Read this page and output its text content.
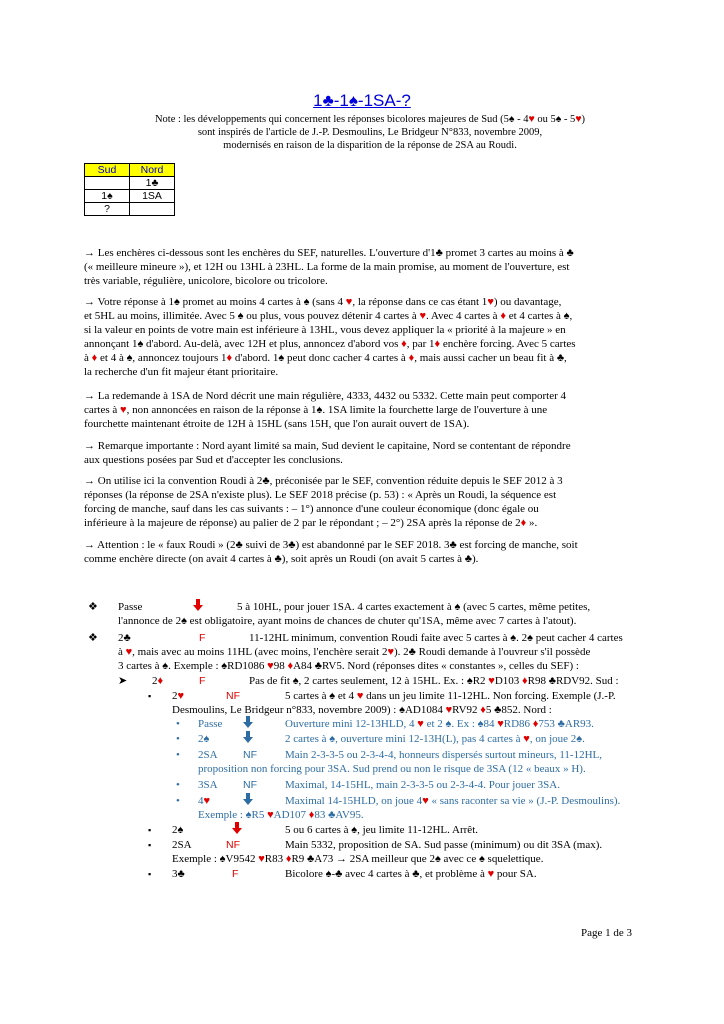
1♣-1♠-1SA-?
Note : les développements qui concernent les réponses bicolores majeures de Sud (5♠ - 4♥ ou 5♠ - 5♥)
sont inspirés de l'article de J.-P. Desmoulins, Le Bridgeur N°833, novembre 2009,
modernisés en raison de la disparition de la réponse de 2SA au Roudi.
Sud	Nord
	1♣
1♠	1SA
?	
→ Les enchères ci-dessous sont les enchères du SEF, naturelles. L'ouverture d'1♣ promet 3 cartes au moins à ♣
(« meilleure mineure »), et 12H ou 13HL à 23HL. La forme de la main promise, au moment de l'ouverture, est
très variable, régulière, unicolore, bicolore ou tricolore.
→ Votre réponse à 1♠ promet au moins 4 cartes à ♠ (sans 4 ♥, la réponse dans ce cas étant 1♥) ou davantage,
et 5HL au moins, illimitée. Avec 5 ♠ ou plus, vous pouvez détenir 4 cartes à ♥. Avec 4 cartes à ♦ et 4 cartes à ♠,
si la valeur en points de votre main est inférieure à 13HL, vous devez appliquer la « priorité à la majeure » en
annonçant 1♠ d'abord. Au-delà, avec 12H et plus, annoncez d'abord vos ♦, par 1♦ enchère forcing. Avec 5 cartes
à ♦ et 4 à ♠, annoncez toujours 1♦ d'abord. 1♠ peut donc cacher 4 cartes à ♦, mais aussi cacher un beau fit à ♣,
la recherche d'un fit majeur étant prioritaire.
→ La redemande à 1SA de Nord décrit une main régulière, 4333, 4432 ou 5332. Cette main peut comporter 4
cartes à ♥, non annoncées en raison de la réponse à 1♠. 1SA limite la fourchette large de l'ouverture à une
fourchette maintenant étroite de 12H à 15HL (sans 15H, que l'on aurait ouvert de 1SA).
→ Remarque importante : Nord ayant limité sa main, Sud devient le capitaine, Nord se contentant de répondre
aux questions posées par Sud et d'accepter les conclusions.
→ On utilise ici la convention Roudi à 2♣, préconisée par le SEF, convention réduite depuis le SEF 2012 à 3
réponses (la réponse de 2SA n'existe plus). Le SEF 2018 précise (p. 53) : « Après un Roudi, la séquence est
forcing de manche, sauf dans les cas suivants : – 1°) annonce d'une couleur économique (donc égale ou
inférieure à la majeure de réponse) au palier de 2 par le répondant ; – 2°) 2SA après la réponse de 2♦ ».
→ Attention : le « faux Roudi » (2♣ suivi de 3♣) est abandonné par le SEF 2018. 3♣ est forcing de manche, soit
comme enchère directe (on avait 4 cartes à ♣), soit après un Roudi (on avait 5 cartes à ♣).
❖ Passe	5 à 10HL, pour jouer 1SA. 4 cartes exactement à ♠ (avec 5 cartes, même petites,
l'annonce de 2♠ est obligatoire, ayant moins de chances de chuter qu'1SA, même avec 7 cartes à l'atout).
❖ 2♣	F	11-12HL minimum, convention Roudi faite avec 5 cartes à ♠. 2♠ peut cacher 4 cartes
à ♥, mais avec au moins 11HL (avec moins, l'enchère serait 2♥). 2♣ Roudi demande à l'ouvreur s'il possède
3 cartes à ♠. Exemple : ♠RD1086 ♥98 ♦A84 ♣RV5. Nord (réponses dites « constantes », celles du SEF) :
➤ 2♦	F	Pas de fit ♠, 2 cartes seulement, 12 à 15HL. Ex. : ♠R2 ♥D103 ♦R98 ♣RDV92. Sud :
▪ 2♥	NF	5 cartes à ♠ et 4 ♥ dans un jeu limite 11-12HL. Non forcing. Exemple (J.-P.
Desmoulins, Le Bridgeur n°833, novembre 2009) : ♠AD1084 ♥RV92 ♦5 ♣852. Nord :
• Passe	Ouverture mini 12-13HLD, 4 ♥ et 2 ♠. Ex : ♠84 ♥RD86 ♦753 ♣AR93.
• 2♠	2 cartes à ♠, ouverture mini 12-13H(L), pas 4 cartes à ♥, on joue 2♠.
• 2SA NF	Main 2-3-3-5 ou 2-3-4-4, honneurs dispersés surtout mineurs, 11-12HL,
proposition non forcing pour 3SA. Sud prend ou non le risque de 3SA (12 « beaux » H).
• 3SA NF	Maximal, 14-15HL, main 2-3-3-5 ou 2-3-4-4. Pour jouer 3SA.
• 4♥	Maximal 14-15HLD, on joue 4♥ « sans raconter sa vie » (J.-P. Desmoulins).
Exemple : ♠R5 ♥AD107 ♦83 ♣AV95.
▪ 2♠	5 ou 6 cartes à ♠, jeu limite 11-12HL. Arrêt.
▪ 2SA	NF	Main 5332, proposition de SA. Sud passe (minimum) ou dit 3SA (max).
Exemple : ♠V9542 ♥R83 ♦R9 ♣A73 → 2SA meilleur que 2♠ avec ce ♠ squelettique.
▪ 3♣	F	Bicolore ♠-♣ avec 4 cartes à ♣, et problème à ♥ pour SA.
Page 1 de 3
